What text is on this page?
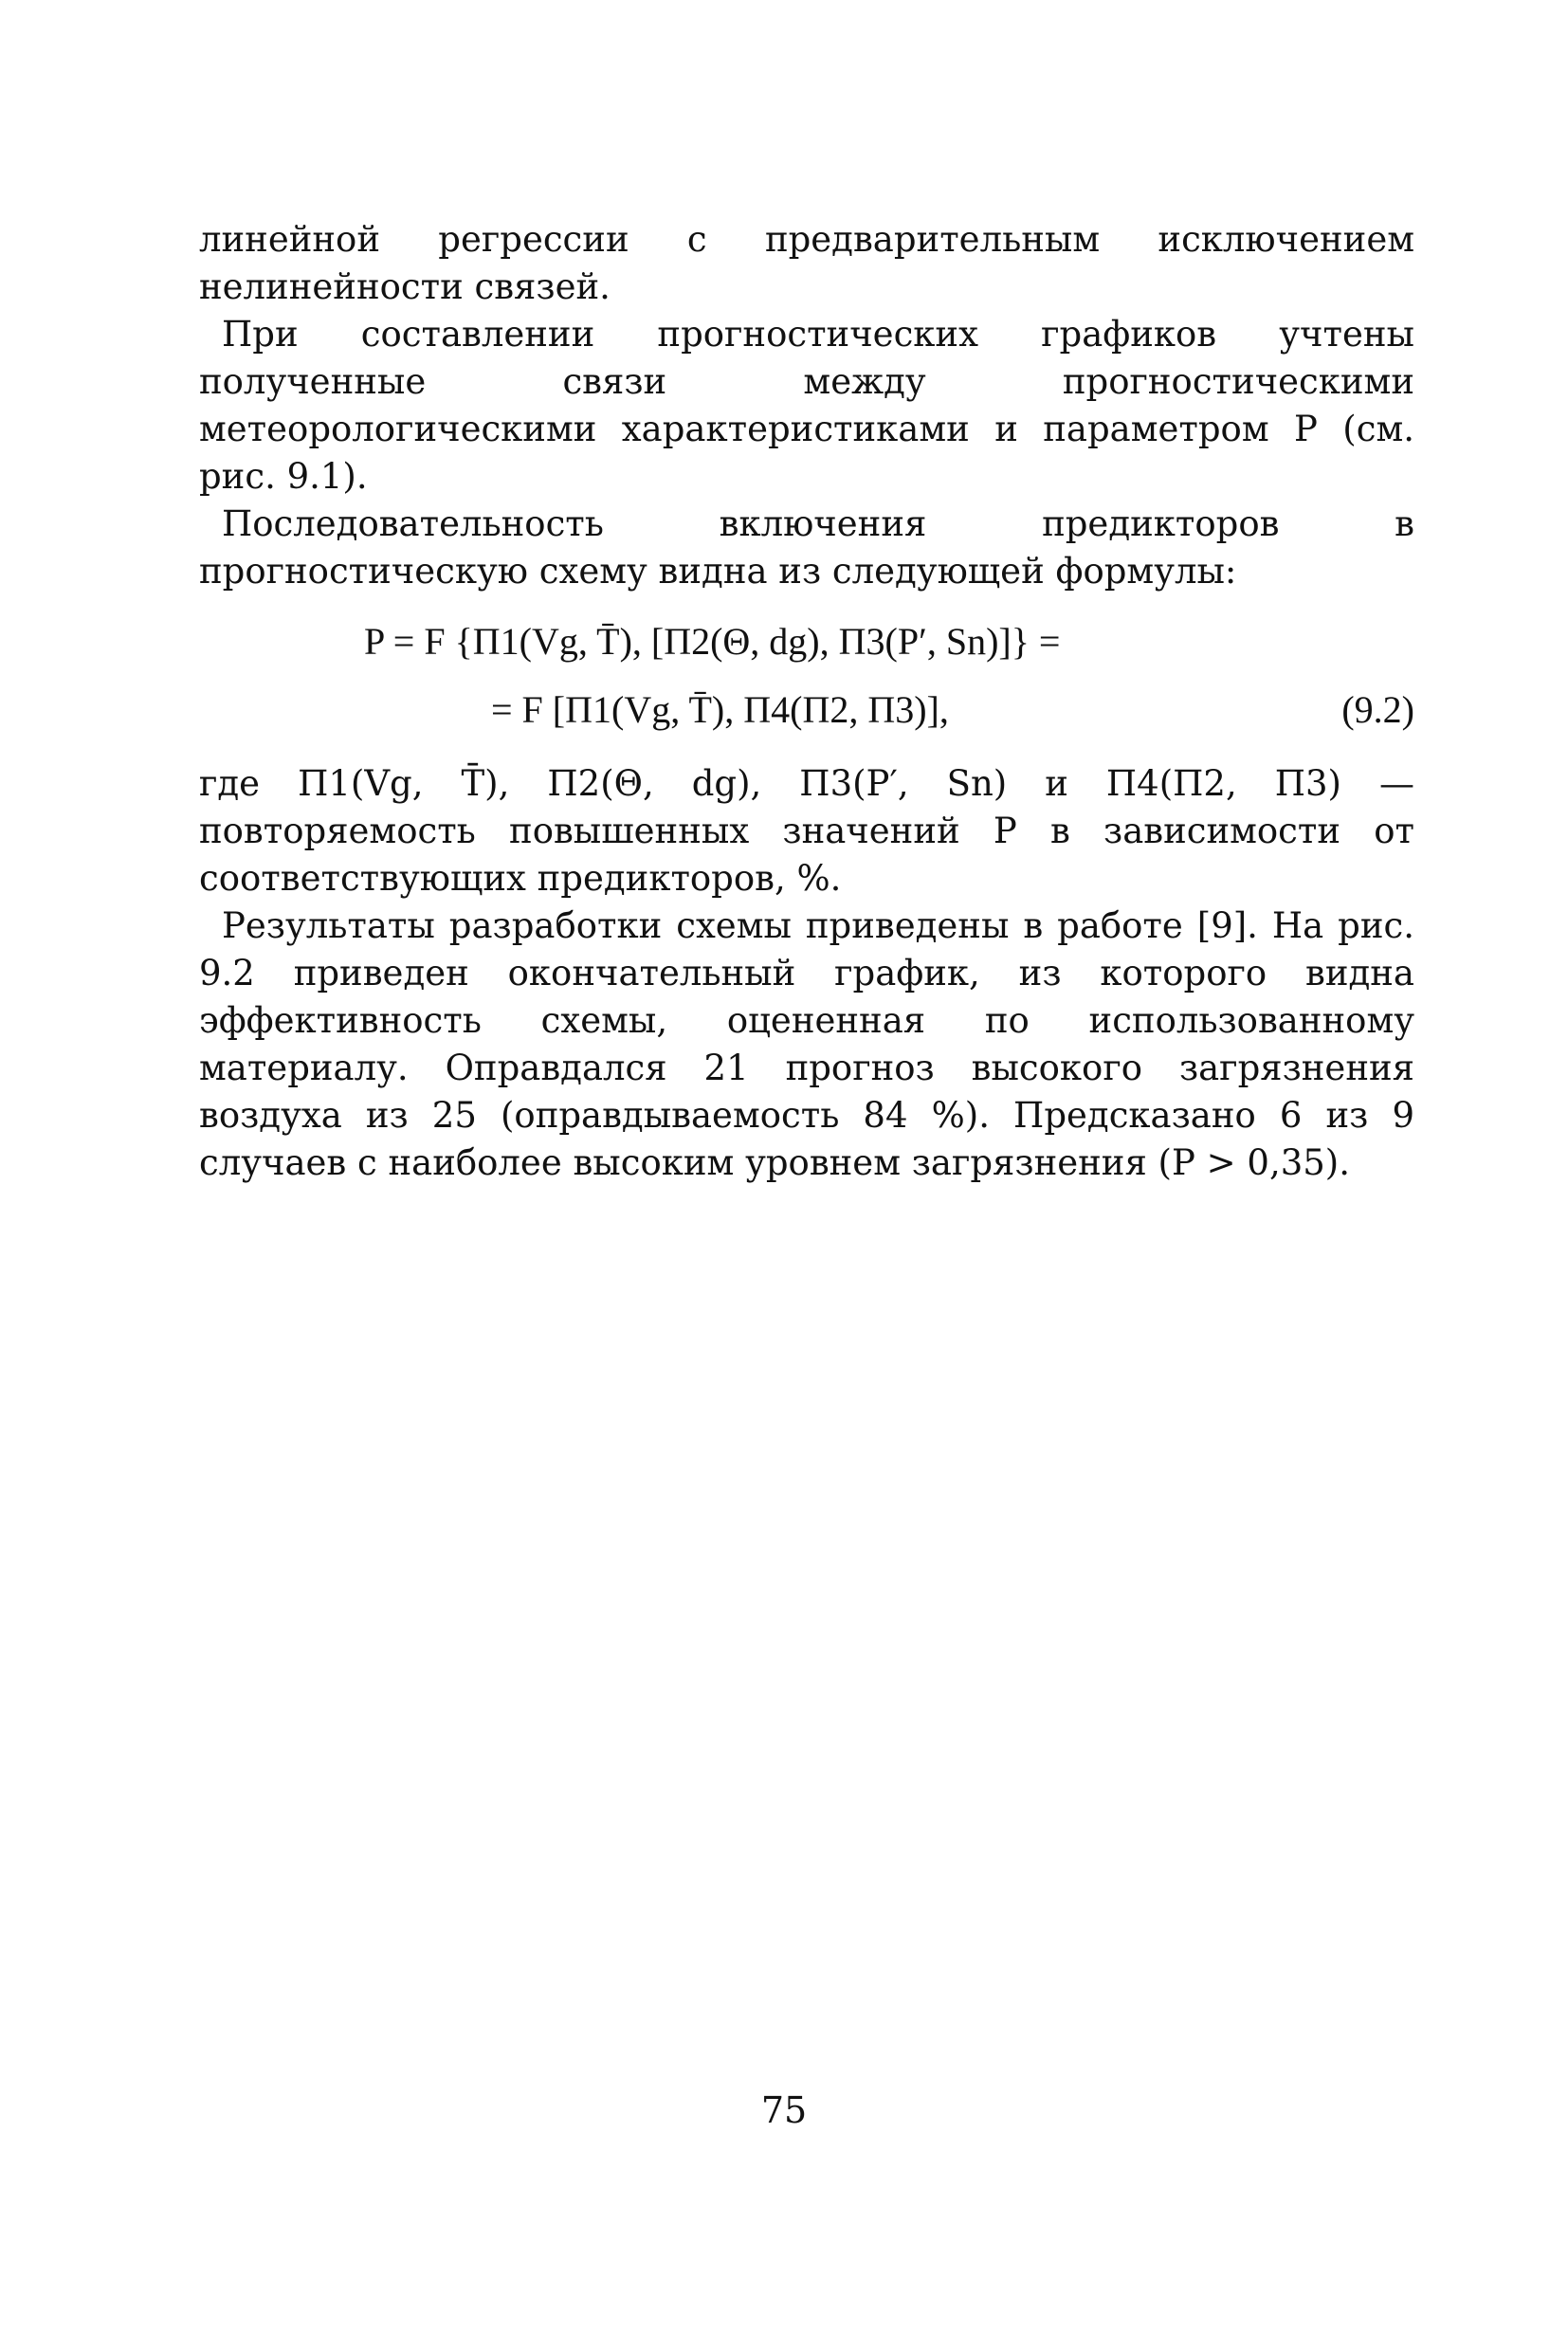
линейной регрессии с предварительным исключением нелинейности связей.

При составлении прогностических графиков учтены полученные связи между прогностическими метеорологическими характеристиками и параметром P (см. рис. 9.1).

Последовательность включения предикторов в прогностическую схему видна из следующей формулы:

P = F {П1(Vg, T̄), [П2(Θ, dg), П3(P′, Sn)]} =
= F [П1(Vg, T̄), П4(П2, П3)],	(9.2)

где П1(Vg, T̄), П2(Θ, dg), П3(P′, Sn) и П4(П2, П3) — повторяемость повышенных значений P в зависимости от соответствующих предикторов, %.

Результаты разработки схемы приведены в работе [9]. На рис. 9.2 приведен окончательный график, из которого видна эффективность схемы, оцененная по использованному материалу. Оправдался 21 прогноз высокого загрязнения воздуха из 25 (оправдываемость 84 %). Предсказано 6 из 9 случаев с наиболее высоким уровнем загрязнения (P > 0,35).

75
